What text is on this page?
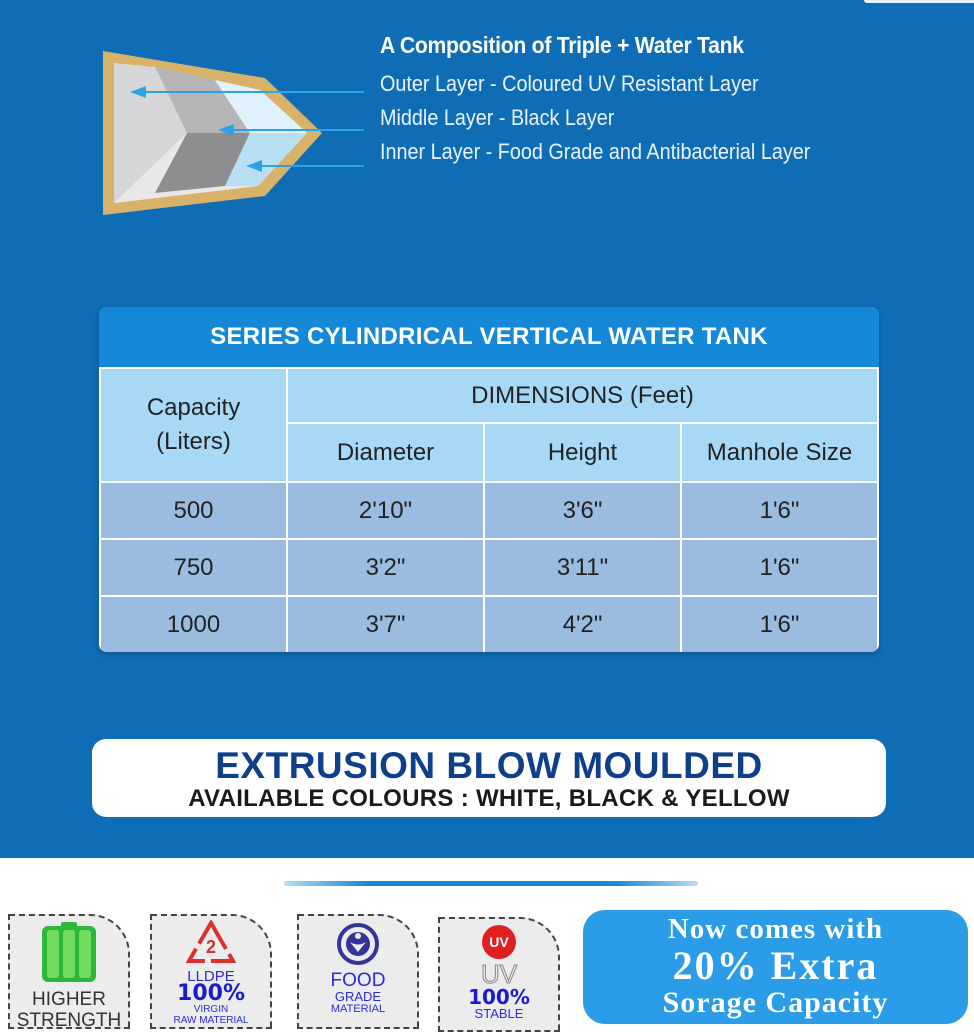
A Composition of Triple + Water Tank
Outer Layer - Coloured UV Resistant Layer
Middle Layer - Black Layer
Inner Layer - Food Grade and Antibacterial Layer
SERIES CYLINDRICAL VERTICAL WATER TANK
Capacity
(Liters)	DIMENSIONS (Feet)		
	Diameter	Height	Manhole Size
500	2'10"	3'6"	1'6"
750	3'2"	3'11"	1'6"
1000	3'7"	4'2"	1'6"
EXTRUSION BLOW MOULDED
AVAILABLE COLOURS : WHITE, BLACK & YELLOW
HIGHER
STRENGTH
2
LLDPE
100%
VIRGIN
RAW MATERIAL
FOOD
GRADE
MATERIAL
UV
UV
100%
STABLE
Now comes with
20% Extra
Sorage Capacity
